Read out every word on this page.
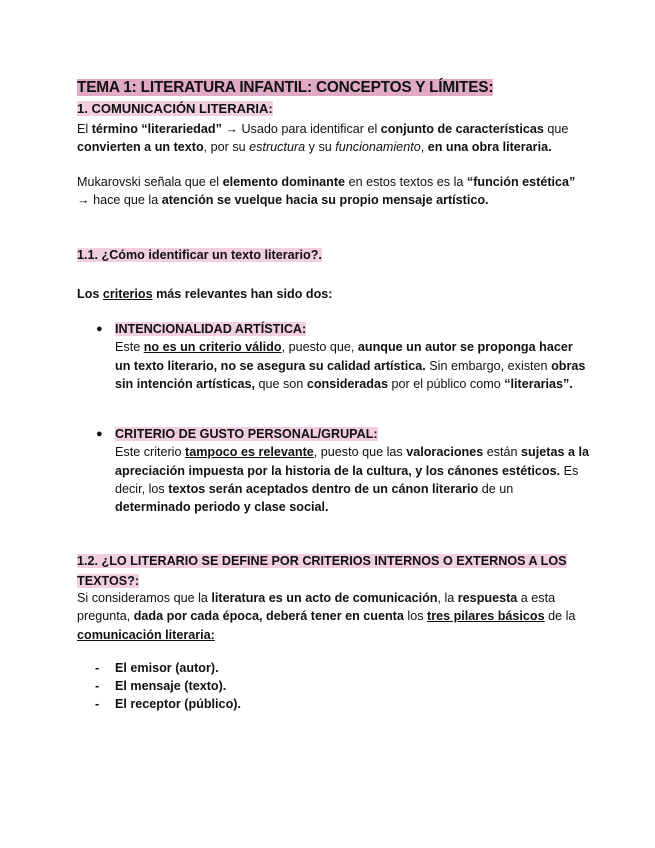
TEMA 1: LITERATURA INFANTIL: CONCEPTOS Y LÍMITES:
1. COMUNICACIÓN LITERARIA:
El término “literariedad” → Usado para identificar el conjunto de características que convierten a un texto, por su estructura y su funcionamiento, en una obra literaria.
Mukarovski señala que el elemento dominante en estos textos es la “función estética” → hace que la atención se vuelque hacia su propio mensaje artístico.
1.1. ¿Cómo identificar un texto literario?.
Los criterios más relevantes han sido dos:
● INTENCIONALIDAD ARTÍSTICA:
Este no es un criterio válido, puesto que, aunque un autor se proponga hacer un texto literario, no se asegura su calidad artística. Sin embargo, existen obras sin intención artísticas, que son consideradas por el público como “literarias”.
● CRITERIO DE GUSTO PERSONAL/GRUPAL:
Este criterio tampoco es relevante, puesto que las valoraciones están sujetas a la apreciación impuesta por la historia de la cultura, y los cánones estéticos. Es decir, los textos serán aceptados dentro de un cánon literario de un determinado periodo y clase social.
1.2. ¿LO LITERARIO SE DEFINE POR CRITERIOS INTERNOS O EXTERNOS A LOS TEXTOS?:
Si consideramos que la literatura es un acto de comunicación, la respuesta a esta pregunta, dada por cada época, deberá tener en cuenta los tres pilares básicos de la comunicación literaria:
- El emisor (autor).
- El mensaje (texto).
- El receptor (público).
